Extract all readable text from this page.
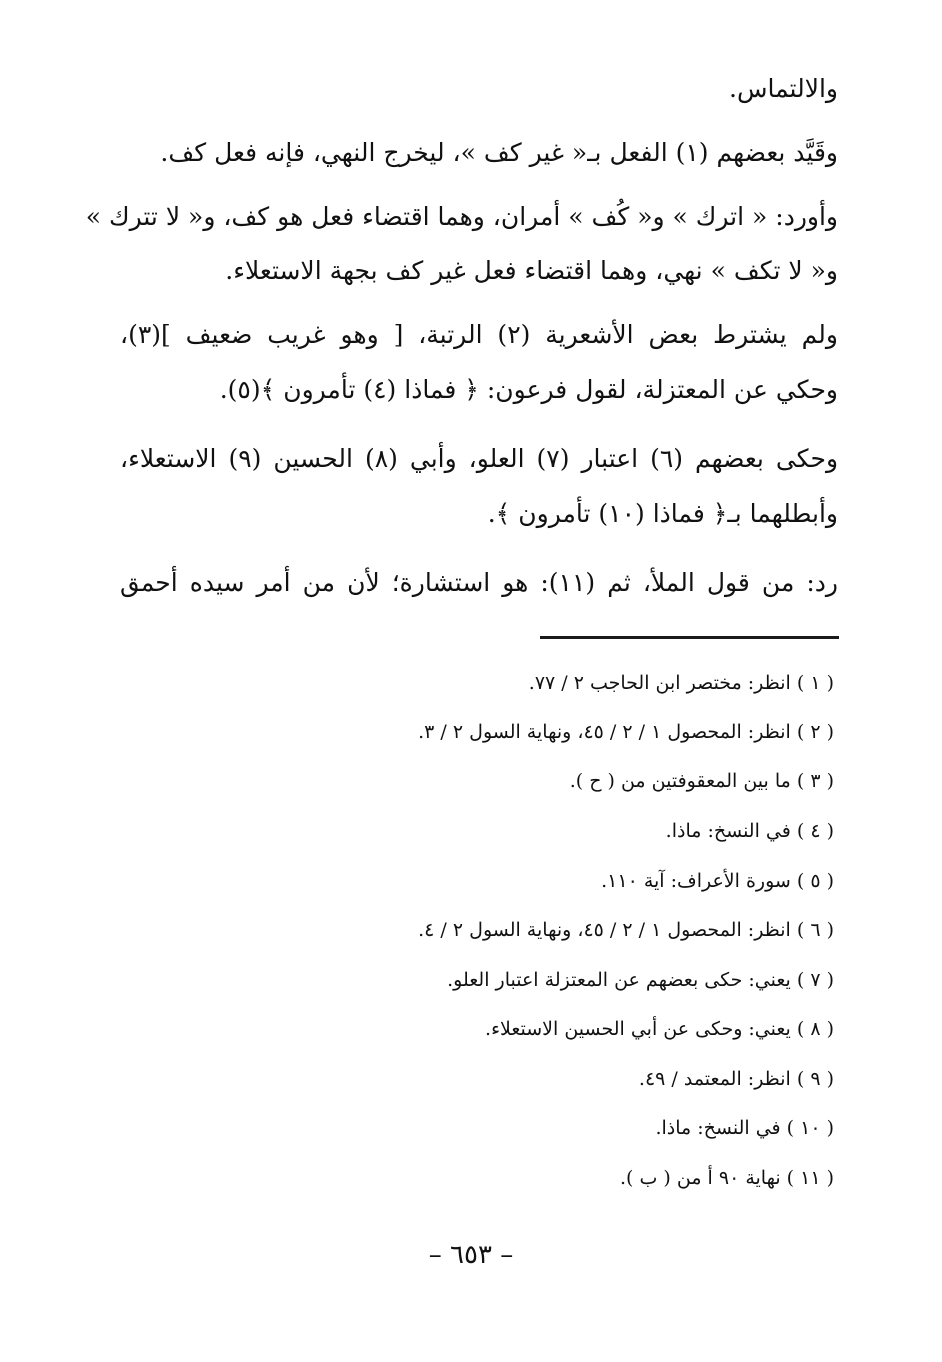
والالتماس.
وقَيَّد بعضهم (١) الفعل بـ« غير كف »، ليخرج النهي، فإنه فعل كف.
وأورد: « اترك » و« كُف » أمران، وهما اقتضاء فعل هو كف، و« لا تترك »
و« لا تكف » نهي، وهما اقتضاء فعل غير كف بجهة الاستعلاء.
ولم يشترط بعض الأشعرية (٢) الرتبة، [ وهو غريب ضعيف ](٣)،
وحكي عن المعتزلة، لقول فرعون: ﴿ فماذا (٤) تأمرون ﴾(٥).
وحكى بعضهم (٦) اعتبار (٧) العلو، وأبي (٨) الحسين (٩) الاستعلاء،
وأبطلهما بـ﴿ فماذا (١٠) تأمرون ﴾.
رد: من قول الملأ، ثم (١١): هو استشارة؛ لأن من أمر سيده أحمق
( ١ ) انظر: مختصر ابن الحاجب ٢ / ٧٧.
( ٢ ) انظر: المحصول ١ / ٢ / ٤٥، ونهاية السول ٢ / ٣.
( ٣ ) ما بين المعقوفتين من ( ح ).
( ٤ ) في النسخ: ماذا.
( ٥ ) سورة الأعراف: آية ١١٠.
( ٦ ) انظر: المحصول ١ / ٢ / ٤٥، ونهاية السول ٢ / ٤.
( ٧ ) يعني: حكى بعضهم عن المعتزلة اعتبار العلو.
( ٨ ) يعني: وحكى عن أبي الحسين الاستعلاء.
( ٩ ) انظر: المعتمد / ٤٩.
( ١٠ ) في النسخ: ماذا.
( ١١ ) نهاية ٩٠ أ من ( ب ).
– ٦٥٣ –
